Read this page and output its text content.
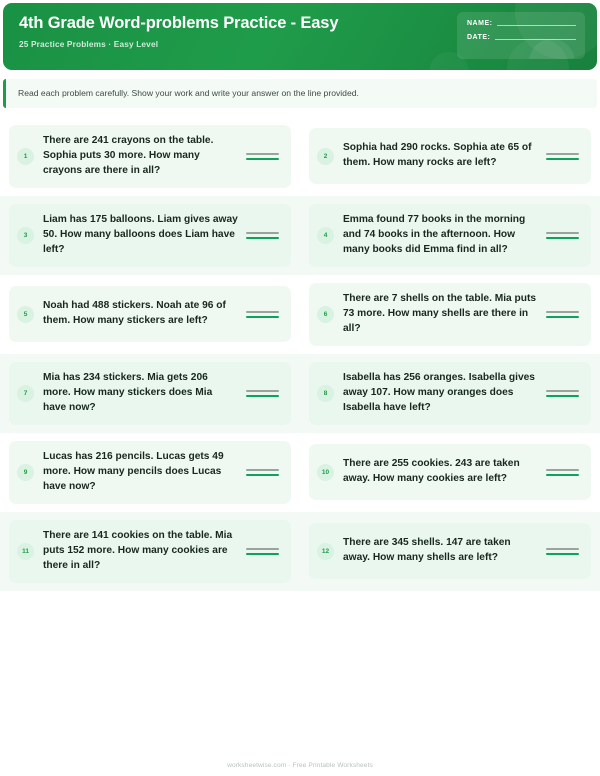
4th Grade Word-problems Practice - Easy
25 Practice Problems · Easy Level
NAME:
DATE:
Read each problem carefully. Show your work and write your answer on the line provided.
1
There are 241 crayons on the table. Sophia puts 30 more. How many crayons are there in all?
2
Sophia had 290 rocks. Sophia ate 65 of them. How many rocks are left?
3
Liam has 175 balloons. Liam gives away 50. How many balloons does Liam have left?
4
Emma found 77 books in the morning and 74 books in the afternoon. How many books did Emma find in all?
5
Noah had 488 stickers. Noah ate 96 of them. How many stickers are left?
6
There are 7 shells on the table. Mia puts 73 more. How many shells are there in all?
7
Mia has 234 stickers. Mia gets 206 more. How many stickers does Mia have now?
8
Isabella has 256 oranges. Isabella gives away 107. How many oranges does Isabella have left?
9
Lucas has 216 pencils. Lucas gets 49 more. How many pencils does Lucas have now?
10
There are 255 cookies. 243 are taken away. How many cookies are left?
11
There are 141 cookies on the table. Mia puts 152 more. How many cookies are there in all?
12
There are 345 shells. 147 are taken away. How many shells are left?
worksheetwise.com · Free Printable Worksheets
